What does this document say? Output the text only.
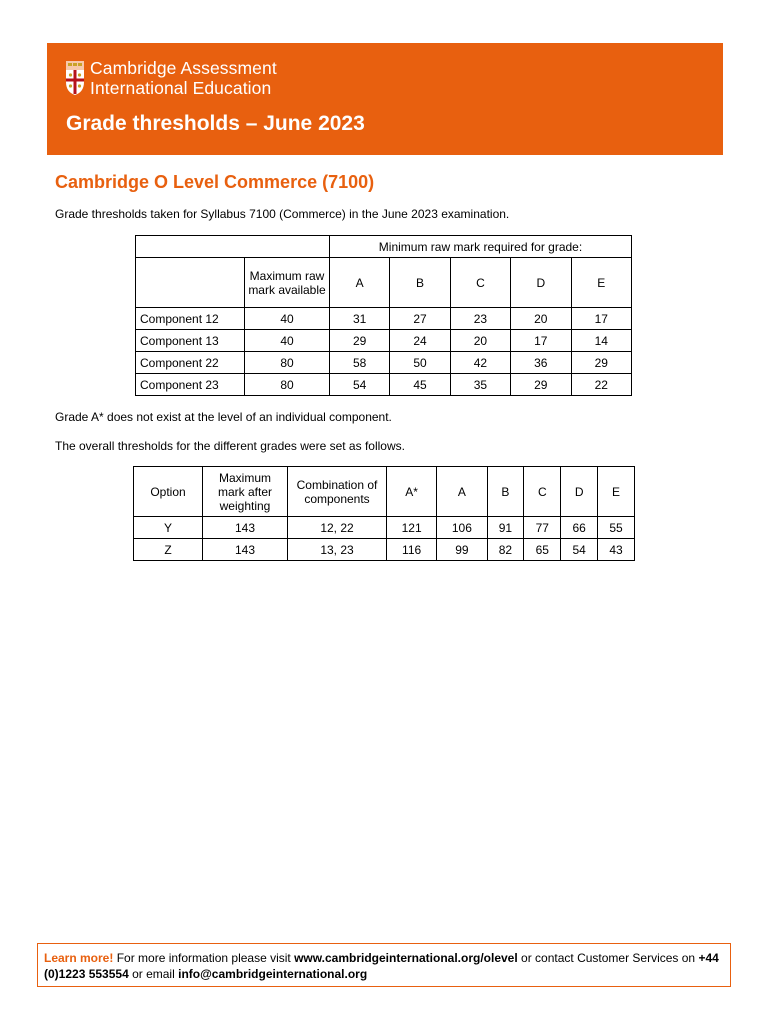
Cambridge Assessment
International Education
Grade thresholds – June 2023
Cambridge O Level Commerce (7100)
Grade thresholds taken for Syllabus 7100 (Commerce) in the June 2023 examination.
		Minimum raw mark required for grade:				
	Maximum raw mark available	A	B	C	D	E
Component 12	40	31	27	23	20	17
Component 13	40	29	24	20	17	14
Component 22	80	58	50	42	36	29
Component 23	80	54	45	35	29	22
Grade A* does not exist at the level of an individual component.
The overall thresholds for the different grades were set as follows.
Option	Maximum mark after weighting	Combination of components	A*	A	B	C	D	E
Y	143	12, 22	121	106	91	77	66	55
Z	143	13, 23	116	99	82	65	54	43
Learn more! For more information please visit www.cambridgeinternational.org/olevel or contact Customer Services on +44 (0)1223 553554 or email info@cambridgeinternational.org
